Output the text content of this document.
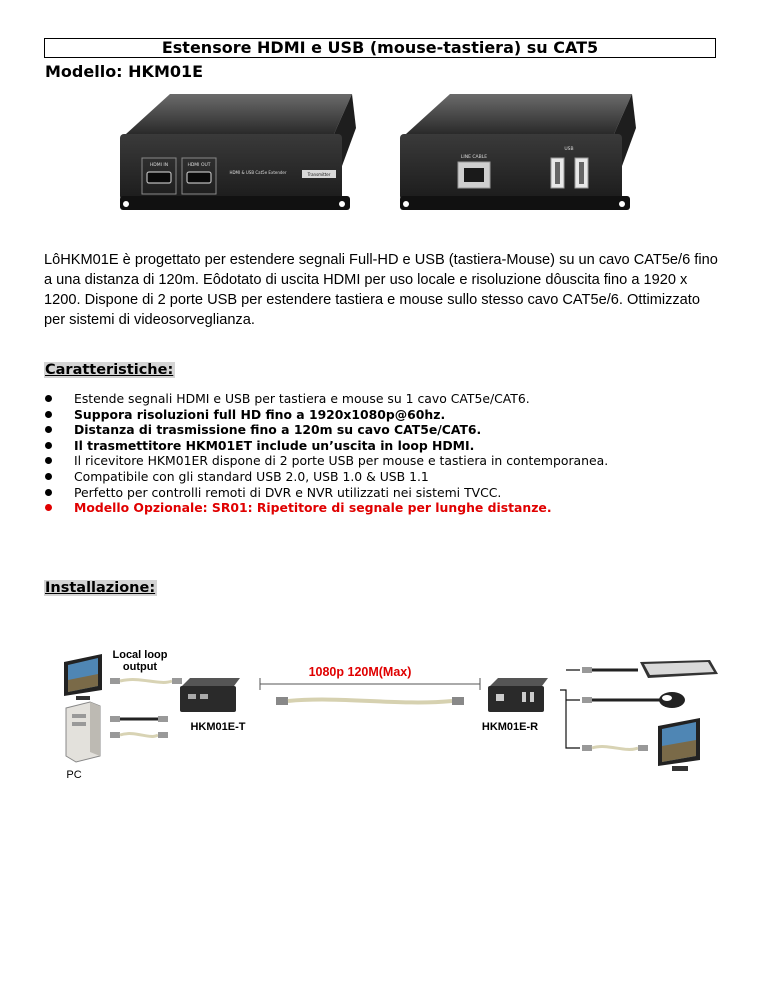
Estensore HDMI e USB (mouse-tastiera) su CAT5
Modello: HKM01E
HDMI IN	HDMI OUT
HDMI & USB Cat5e Extender	Transmitter
LINE CABLE
USB
LôHKM01E è progettato per estendere segnali Full-HD e USB (tastiera-Mouse) su un cavo CAT5e/6 fino a una distanza di 120m. Eôdotato di uscita HDMI per uso locale e risoluzione dôuscita fino a 1920 x 1200. Dispone di 2 porte USB per estendere tastiera e mouse sullo stesso cavo CAT5e/6. Ottimizzato per sistemi di videosorveglianza.
Caratteristiche:
Estende segnali HDMI e USB per tastiera e mouse su 1 cavo CAT5e/CAT6.
Suppora risoluzioni full HD fino a 1920x1080p@60hz.
Distanza di trasmissione fino a 120m su cavo CAT5e/CAT6.
Il trasmettitore HKM01ET include un’uscita in loop HDMI.
Il ricevitore HKM01ER dispone di 2 porte USB per mouse e tastiera in contemporanea.
Compatibile con gli standard USB 2.0, USB 1.0 & USB 1.1
Perfetto per controlli remoti di DVR e NVR utilizzati nei sistemi TVCC.
Modello Opzionale: SR01: Ripetitore di segnale per lunghe distanze.
Installazione:
Local loop
output
PC
HKM01E-T
1080p 120M(Max)
HKM01E-R
